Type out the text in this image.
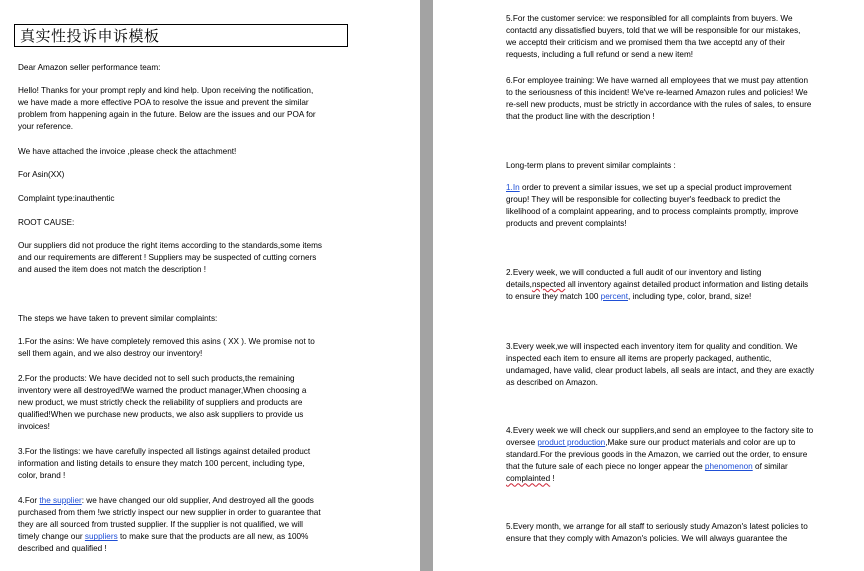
真实性投诉申诉模板

Dear Amazon seller performance team:

Hello! Thanks for your prompt reply and kind help. Upon receiving the notification,
we have made a more effective POA to resolve the issue and prevent the similar
problem from happening again in the future. Below are the issues and our POA for
your reference.

We have attached the invoice ,please check the attachment!

For Asin(XX)

Complaint type:inauthentic

ROOT CAUSE:

Our suppliers did not produce the right items according to the standards,some items
and our requirements are different ! Suppliers may be suspected of cutting corners
and aused the item does not match the description !

The steps we have taken to prevent similar complaints:

1.For the asins: We have completely removed this asins ( XX ). We promise not to
sell them again, and we also destroy our inventory!

2.For the products: We have decided not to sell such products,the remaining
inventory were all destroyed!We warned the product manager,When choosing a
new product, we must strictly check the reliability of suppliers and products are
qualified!When we purchase new products, we also ask suppliers to provide us
invoices!

3.For the listings: we have carefully inspected all listings against detailed product
information and listing details to ensure they match 100 percent, including type,
color, brand !

4.For the supplier: we have changed our old supplier, And destroyed all the goods
purchased from them !we strictly inspect our new supplier in order to guarantee that
they are all sourced from trusted supplier. If the supplier is not qualified, we will
timely change our suppliers to make sure that the products are all new, as 100%
described and qualified !

5.For the customer service: we responsibled for all complaints from buyers. We
contactd any dissatisfied buyers, told that we will be responsible for our mistakes,
we acceptd their criticism and we promised them tha twe acceptd any of their
requests, including a full refund or send a new item!

6.For employee training: We have warned all employees that we must pay attention
to the seriousness of this incident! We've re-learned Amazon rules and policies! We
re-sell new products, must be strictly in accordance with the rules of sales, to ensure
that the product line with the description !

Long-term plans to prevent similar complaints :

1.In order to prevent a similar issues, we set up a special product improvement
group! They will be responsible for collecting buyer's feedback to predict the
likelihood of a complaint appearing, and to process complaints promptly, improve
products and prevent complaints!

2.Every week, we will conducted a full audit of our inventory and listing
details,nspected all inventory against detailed product information and listing details
to ensure they match 100 percent, including type, color, brand, size!

3.Every week,we will inspected each inventory item for quality and condition. We
inspected each item to ensure all items are properly packaged, authentic,
undamaged, have valid, clear product labels, all seals are intact, and they are exactly
as described on Amazon.

4.Every week we will check our suppliers,and send an employee to the factory site to
oversee product production,Make sure our product materials and color are up to
standard.For the previous goods in the Amazon, we carried out the order, to ensure
that the future sale of each piece no longer appear the phenomenon of similar
complainted !

5.Every month, we arrange for all staff to seriously study Amazon's latest policies to
ensure that they comply with Amazon's policies. We will always guarantee the
